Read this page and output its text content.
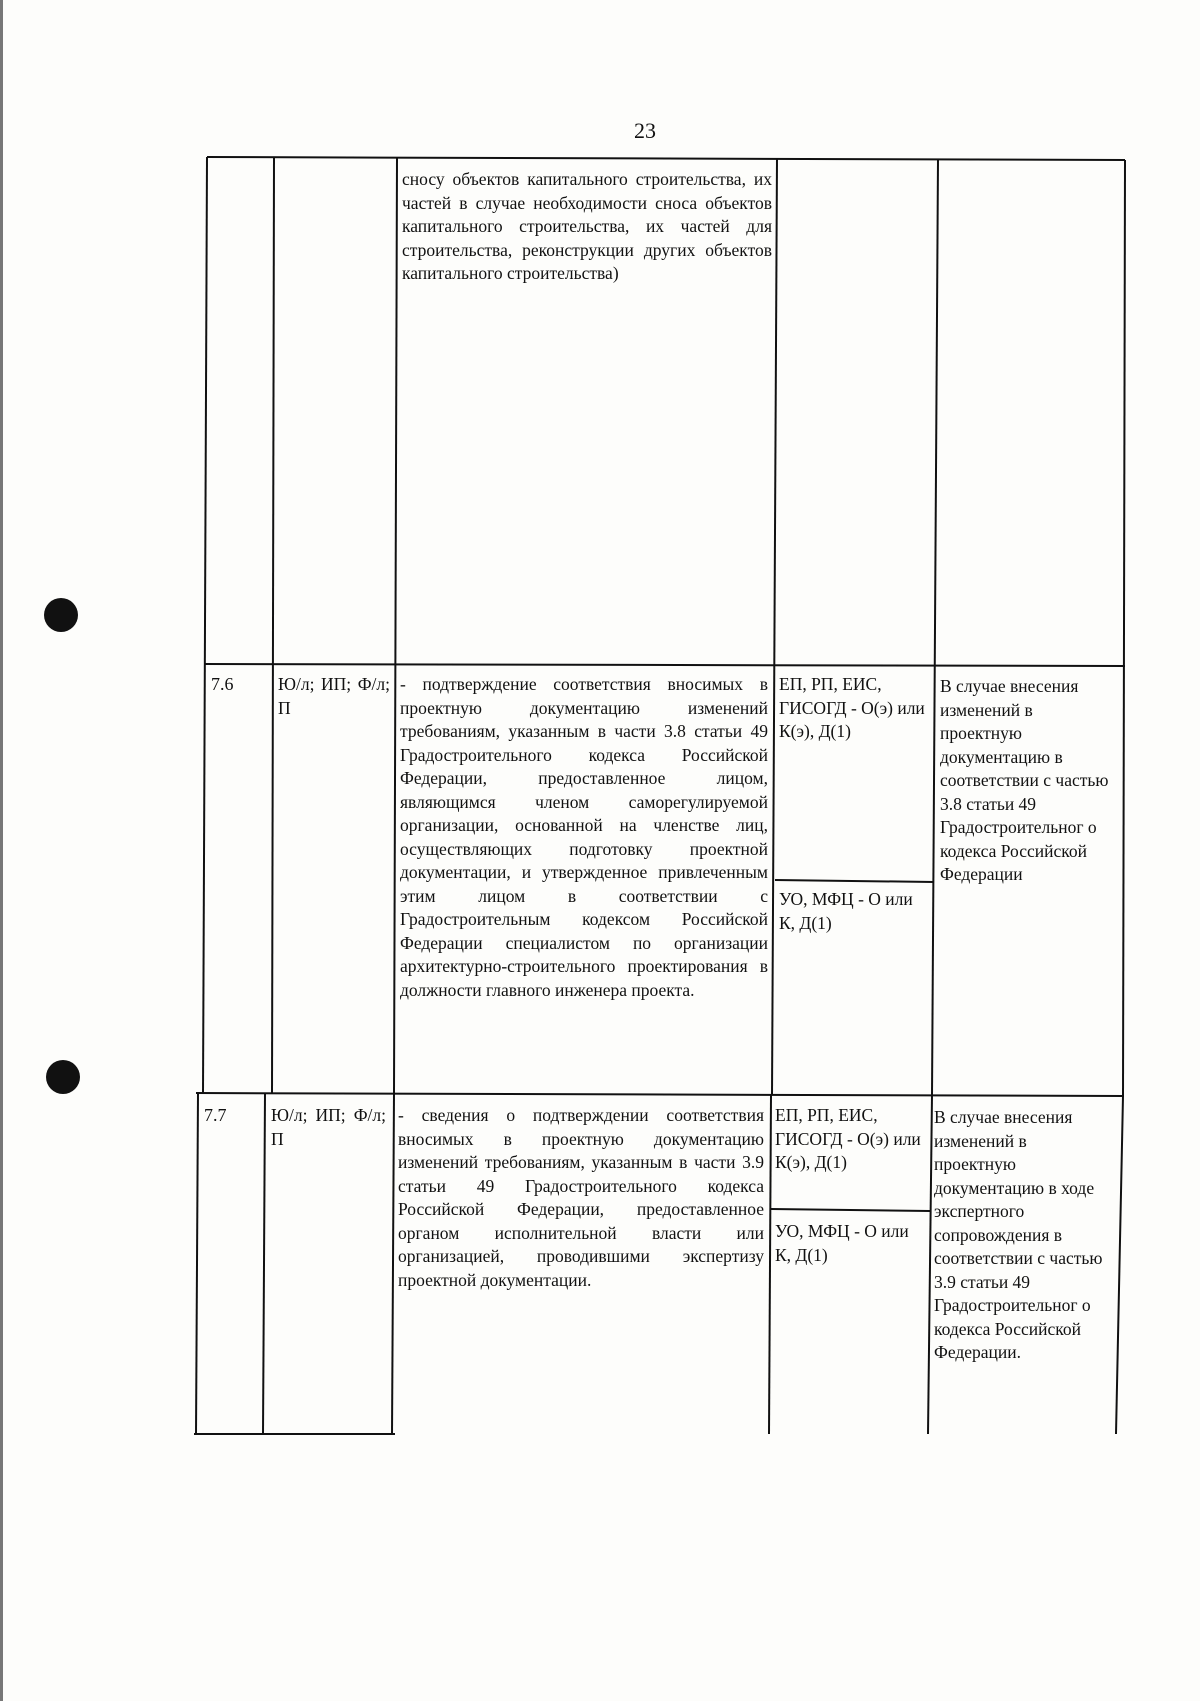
23
сносу объектов капитального строительства, их частей в случае необходимости сноса объектов капитального строительства, их частей для строительства, реконструкции других объектов капитального строительства)
7.6	Ю/л; ИП; Ф/л; П
- подтверждение соответствия вносимых в проектную документацию изменений требованиям, указанным в части 3.8 статьи 49 Градостроительного кодекса Российской Федерации, предоставленное лицом, являющимся членом саморегулируемой организации, основанной на членстве лиц, осуществляющих подготовку проектной документации, и утвержденное привлеченным этим лицом в соответствии с Градостроительным кодексом Российской Федерации специалистом по организации архитектурно-строительного проектирования в должности главного инженера проекта.
ЕП, РП, ЕИС, ГИСОГД - О(э) или К(э), Д(1)
УО, МФЦ - О или К, Д(1)
В случае внесения изменений в проектную документацию в соответствии с частью 3.8 статьи 49 Градостроительног о кодекса Российской Федерации
7.7	Ю/л; ИП; Ф/л; П
- сведения о подтверждении соответствия вносимых в проектную документацию изменений требованиям, указанным в части 3.9 статьи 49 Градостроительного кодекса Российской Федерации, предоставленное органом исполнительной власти или организацией, проводившими экспертизу проектной документации.
ЕП, РП, ЕИС, ГИСОГД - О(э) или К(э), Д(1)
УО, МФЦ - О или К, Д(1)
В случае внесения изменений в проектную документацию в ходе экспертного сопровождения в соответствии с частью 3.9 статьи 49 Градостроительног о кодекса Российской Федерации.
